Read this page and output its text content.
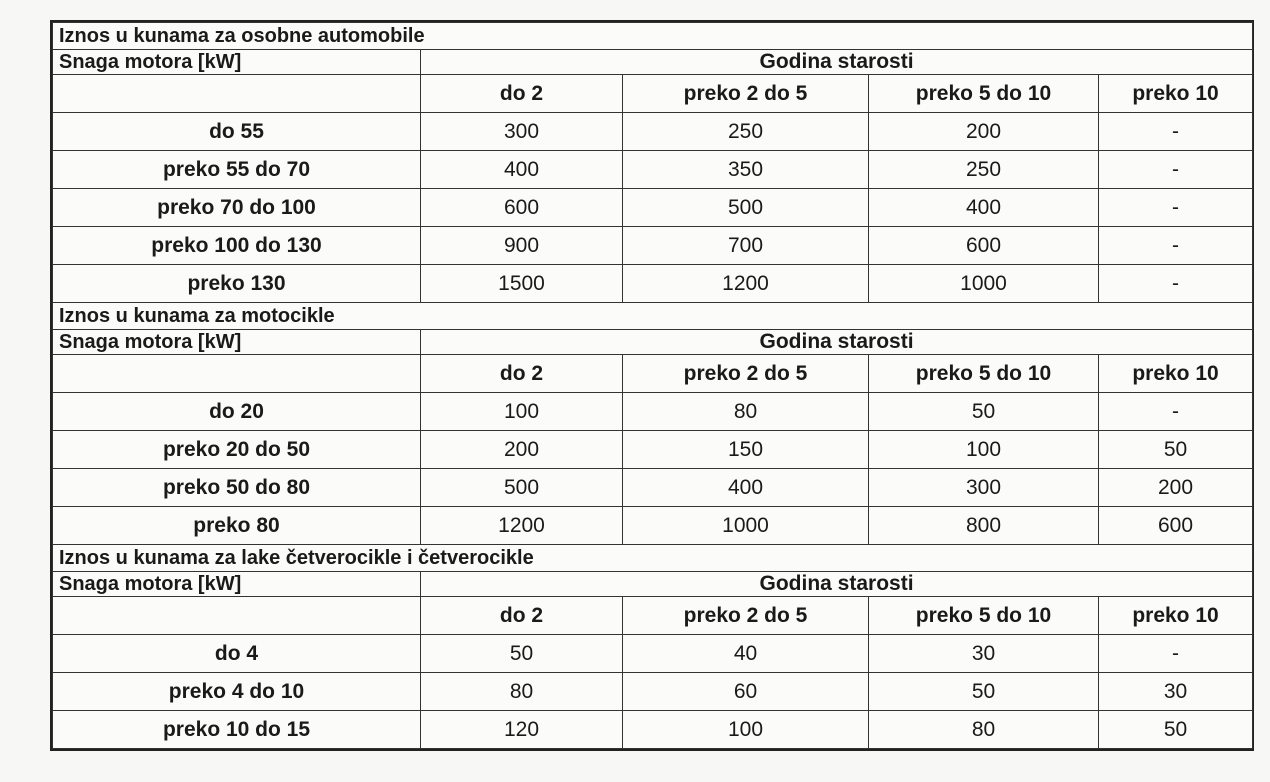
Iznos u kunama za osobne automobile				
Snaga motora [kW]	Godina starosti			
	do 2	preko 2 do 5	preko 5 do 10	preko 10
do 55	300	250	200	-
preko 55 do 70	400	350	250	-
preko 70 do 100	600	500	400	-
preko 100 do 130	900	700	600	-
preko 130	1500	1200	1000	-
Iznos u kunama za motocikle				
Snaga motora [kW]	Godina starosti			
	do 2	preko 2 do 5	preko 5 do 10	preko 10
do 20	100	80	50	-
preko 20 do 50	200	150	100	50
preko 50 do 80	500	400	300	200
preko 80	1200	1000	800	600
Iznos u kunama za lake četverocikle i četverocikle				
Snaga motora [kW]	Godina starosti			
	do 2	preko 2 do 5	preko 5 do 10	preko 10
do 4	50	40	30	-
preko 4 do 10	80	60	50	30
preko 10 do 15	120	100	80	50
